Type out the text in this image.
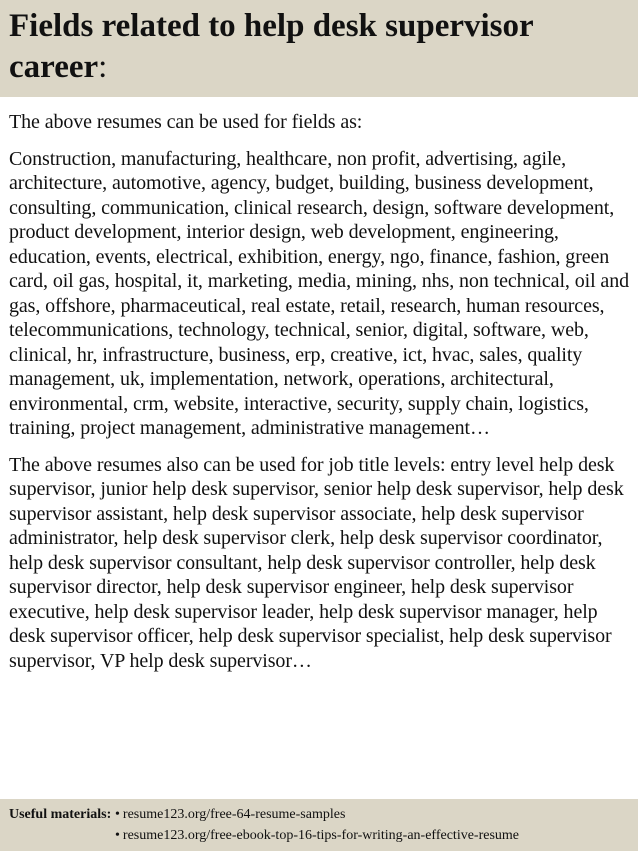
Fields related to help desk supervisor career:

The above resumes can be used for fields as:

Construction, manufacturing, healthcare, non profit, advertising, agile, architecture, automotive, agency, budget, building, business development, consulting, communication, clinical research, design, software development, product development, interior design, web development, engineering, education, events, electrical, exhibition, energy, ngo, finance, fashion, green card, oil gas, hospital, it, marketing, media, mining, nhs, non technical, oil and gas, offshore, pharmaceutical, real estate, retail, research, human resources, telecommunications, technology, technical, senior, digital, software, web, clinical, hr, infrastructure, business, erp, creative, ict, hvac, sales, quality management, uk, implementation, network, operations, architectural, environmental, crm, website, interactive, security, supply chain, logistics, training, project management, administrative management…

The above resumes also can be used for job title levels: entry level help desk supervisor, junior help desk supervisor, senior help desk supervisor, help desk supervisor assistant, help desk supervisor associate, help desk supervisor administrator, help desk supervisor clerk, help desk supervisor coordinator, help desk supervisor consultant, help desk supervisor controller, help desk supervisor director, help desk supervisor engineer, help desk supervisor executive, help desk supervisor leader, help desk supervisor manager, help desk supervisor officer, help desk supervisor specialist, help desk supervisor supervisor, VP help desk supervisor…

Useful materials: • resume123.org/free-64-resume-samples
• resume123.org/free-ebook-top-16-tips-for-writing-an-effective-resume
